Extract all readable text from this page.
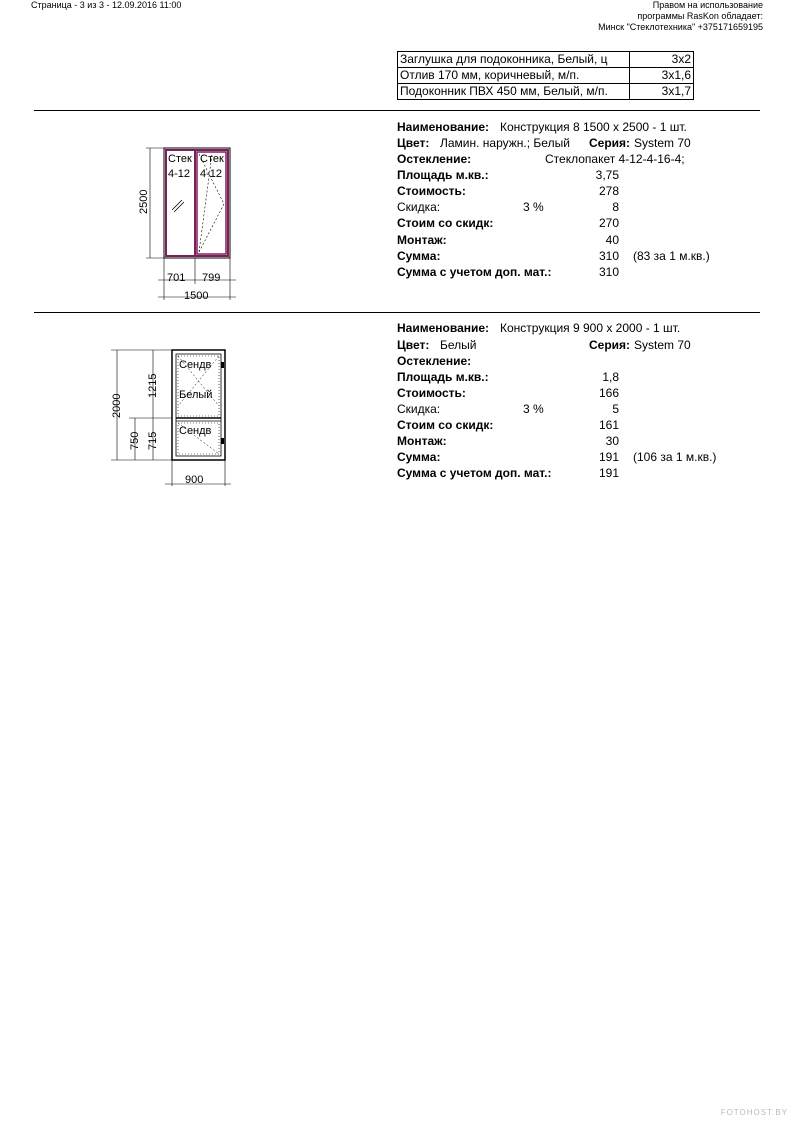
Страница - 3 из 3 - 12.09.2016 11:00	Правом на использование
программы RasKon обладает:
Минск "Стеклотехника" +375171659195
Заглушка для подоконника, Белый, ц	3x2
Отлив 170 мм, коричневый, м/п.	3x1,6
Подоконник ПВХ 450 мм, Белый, м/п.	3x1,7
Стек
4-12
Стек
4-12
2500
701 799
1500
Наименование: Конструкция 8 1500 х 2500 - 1 шт.
Цвет: Ламин. наружн.; Белый Серия: System 70
Остекление:	Стеклопакет 4-12-4-16-4;
Площадь м.кв.:	3,75
Стоимость:	278
Скидка:	3 %	8
Стоим со скидк:	270
Монтаж:	40
Сумма:	310 (83 за 1 м.кв.)
Сумма с учетом доп. мат.:	310
Сендв
Белый
Сендв
2000
1215
750 715
900
Наименование: Конструкция 9 900 х 2000 - 1 шт.
Цвет: Белый	Серия: System 70
Остекление:
Площадь м.кв.:	1,8
Стоимость:	166
Скидка:	3 %	5
Стоим со скидк:	161
Монтаж:	30
Сумма:	191 (106 за 1 м.кв.)
Сумма с учетом доп. мат.:	191
FOTOHOST.BY
